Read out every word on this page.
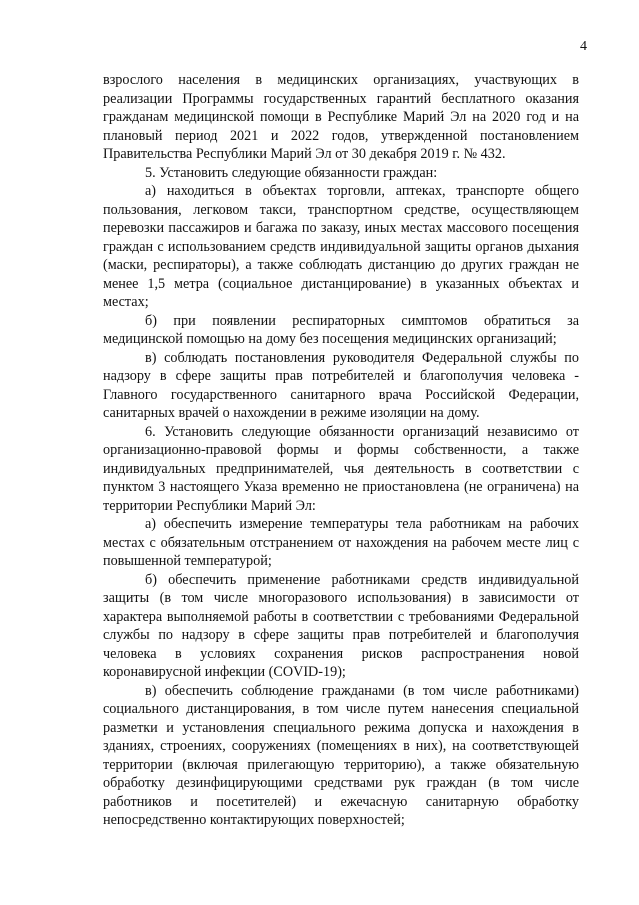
4

взрослого населения в медицинских организациях, участвующих в реализации Программы государственных гарантий бесплатного оказания гражданам медицинской помощи в Республике Марий Эл на 2020 год и на плановый период 2021 и 2022 годов, утвержденной постановлением Правительства Республики Марий Эл от 30 декабря 2019 г. № 432.

5. Установить следующие обязанности граждан:

а) находиться в объектах торговли, аптеках, транспорте общего пользования, легковом такси, транспортном средстве, осуществляющем перевозки пассажиров и багажа по заказу, иных местах массового посещения граждан с использованием средств индивидуальной защиты органов дыхания (маски, респираторы), а также соблюдать дистанцию до других граждан не менее 1,5 метра (социальное дистанцирование) в указанных объектах и местах;

б) при появлении респираторных симптомов обратиться за медицинской помощью на дому без посещения медицинских организаций;

в) соблюдать постановления руководителя Федеральной службы по надзору в сфере защиты прав потребителей и благополучия человека - Главного государственного санитарного врача Российской Федерации, санитарных врачей о нахождении в режиме изоляции на дому.

6. Установить следующие обязанности организаций независимо от организационно-правовой формы и формы собственности, а также индивидуальных предпринимателей, чья деятельность в соответствии с пунктом 3 настоящего Указа временно не приостановлена (не ограничена) на территории Республики Марий Эл:

а) обеспечить измерение температуры тела работникам на рабочих местах с обязательным отстранением от нахождения на рабочем месте лиц с повышенной температурой;

б) обеспечить применение работниками средств индивидуальной защиты (в том числе многоразового использования) в зависимости от характера выполняемой работы в соответствии с требованиями Федеральной службы по надзору в сфере защиты прав потребителей и благополучия человека в условиях сохранения рисков распространения новой коронавирусной инфекции (COVID-19);

в) обеспечить соблюдение гражданами (в том числе работниками) социального дистанцирования, в том числе путем нанесения специальной разметки и установления специального режима допуска и нахождения в зданиях, строениях, сооружениях (помещениях в них), на соответствующей территории (включая прилегающую территорию), а также обязательную обработку дезинфицирующими средствами рук граждан (в том числе работников и посетителей) и ежечасную санитарную обработку непосредственно контактирующих поверхностей;
